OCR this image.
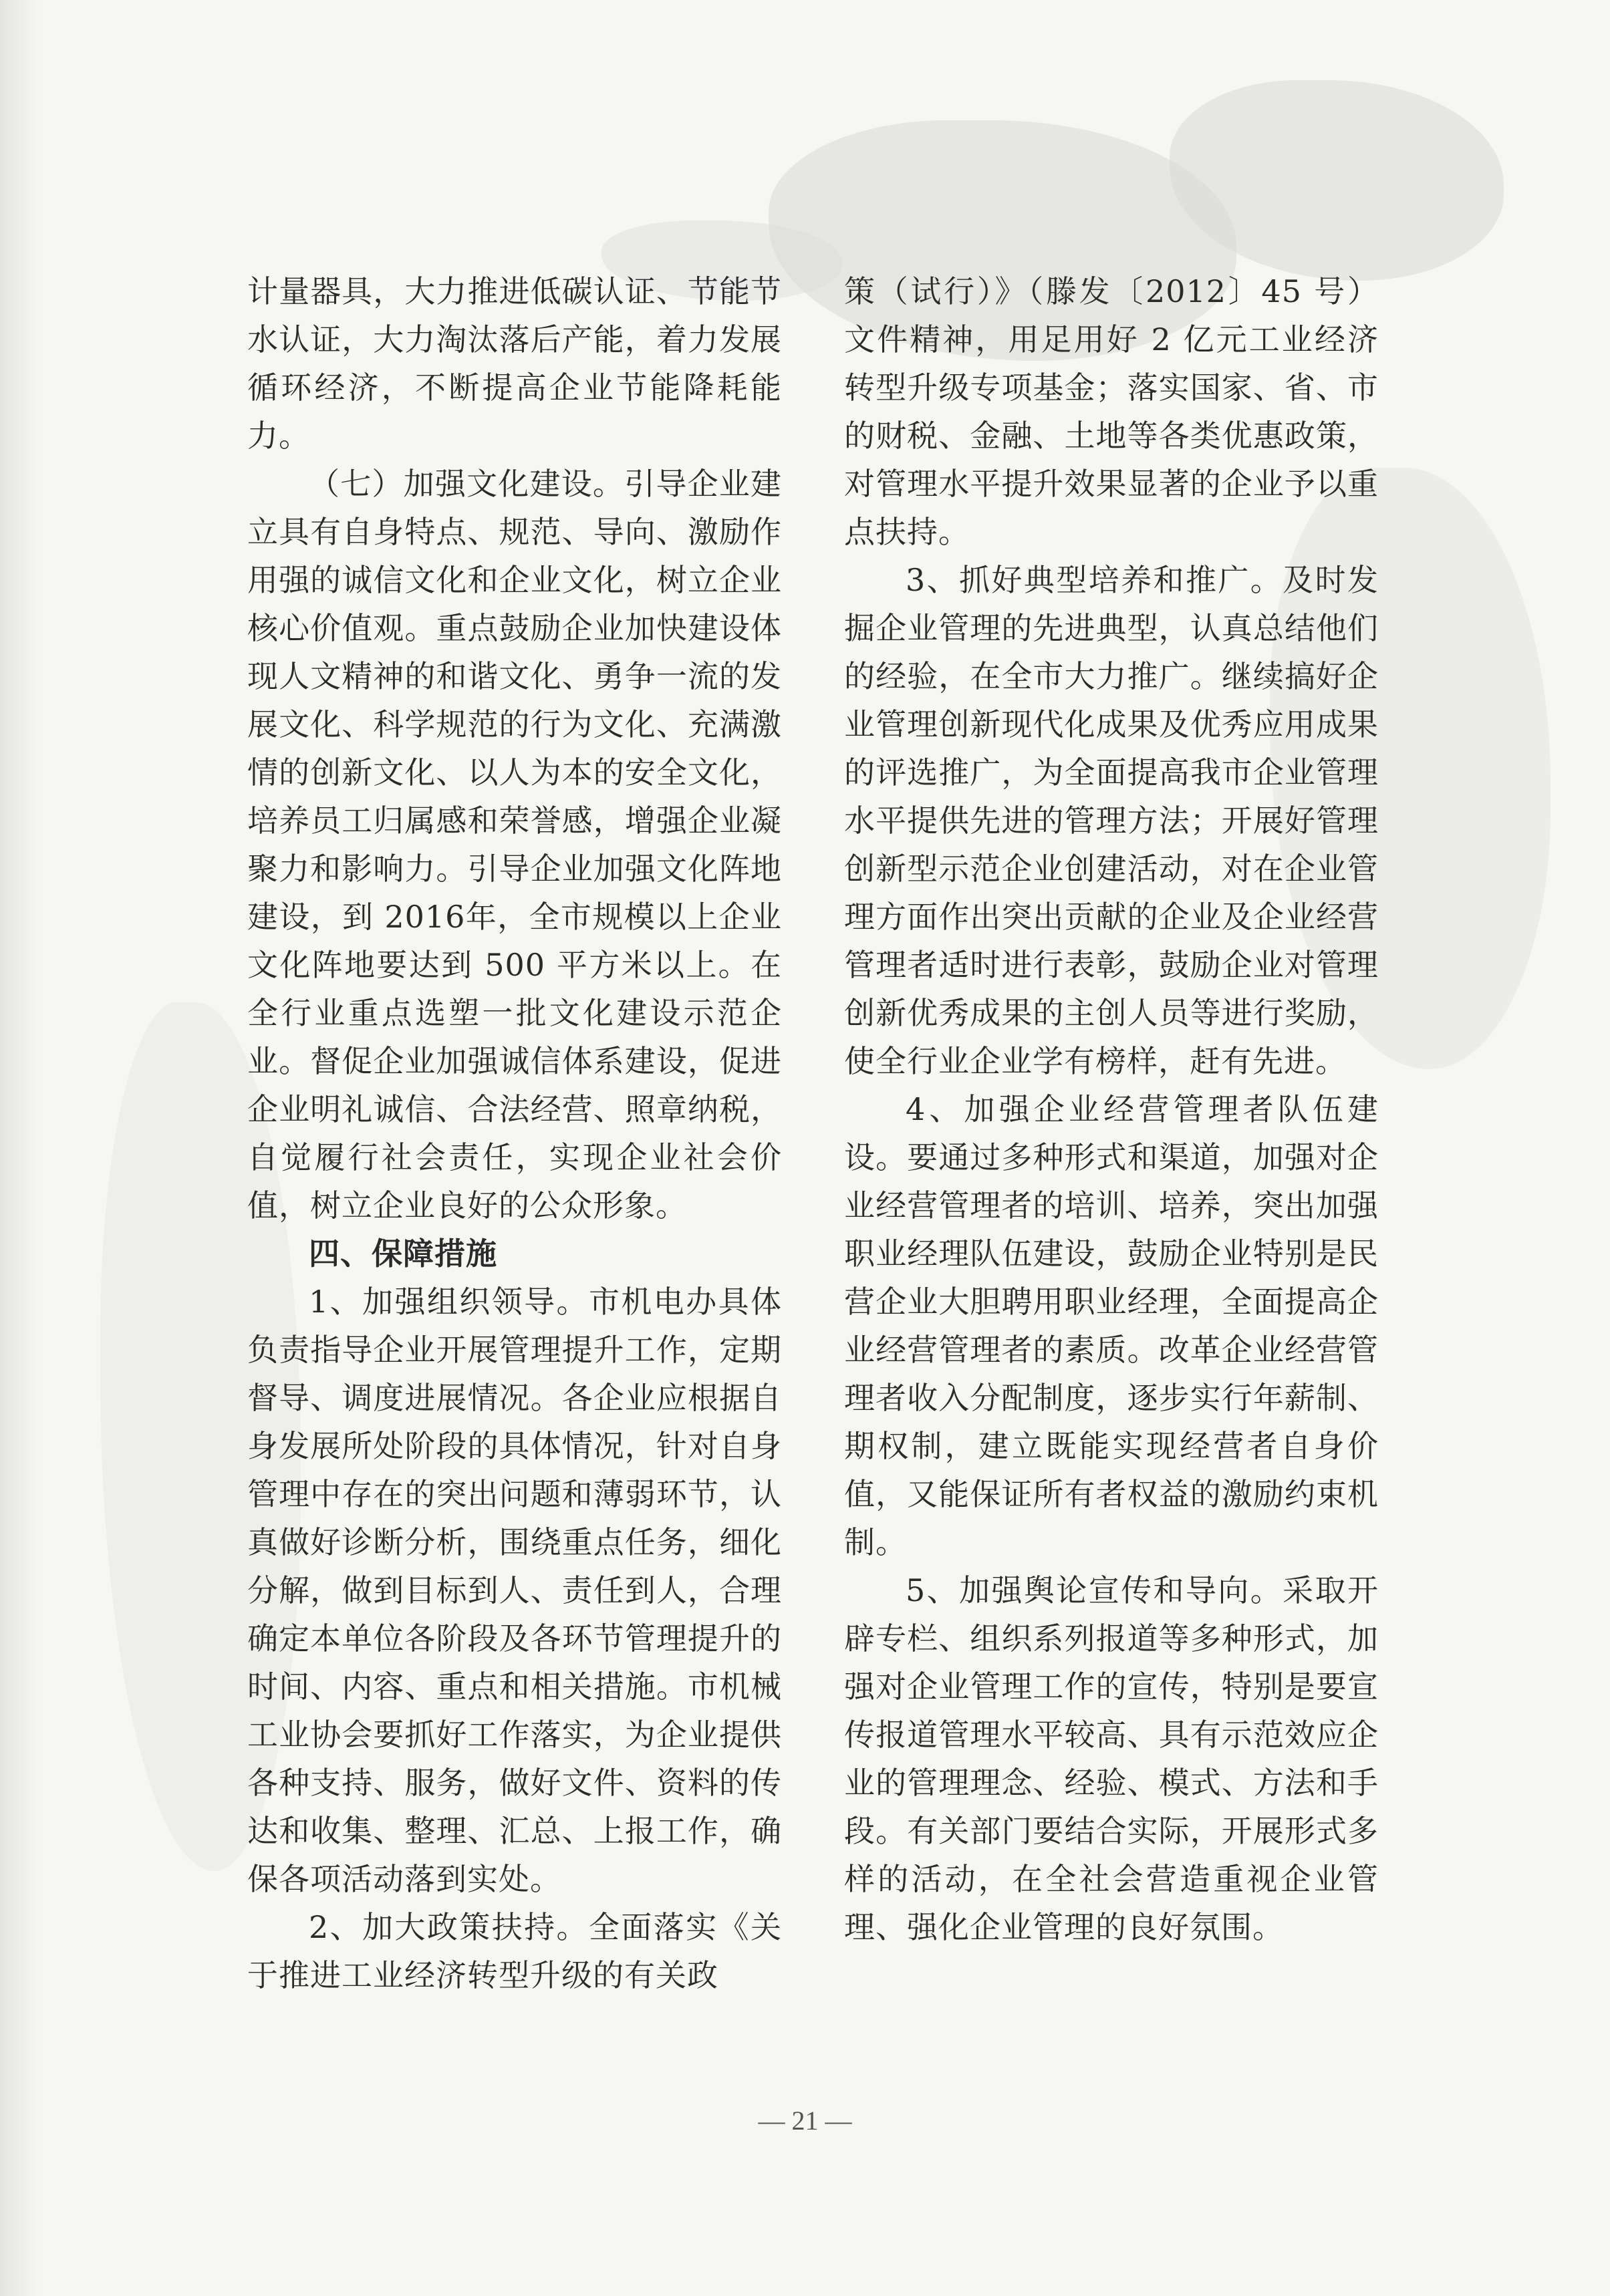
计量器具，大力推进低碳认证、节能节水认证，大力淘汰落后产能，着力发展循环经济，不断提高企业节能降耗能力。

（七）加强文化建设。引导企业建立具有自身特点、规范、导向、激励作用强的诚信文化和企业文化，树立企业核心价值观。重点鼓励企业加快建设体现人文精神的和谐文化、勇争一流的发展文化、科学规范的行为文化、充满激情的创新文化、以人为本的安全文化，培养员工归属感和荣誉感，增强企业凝聚力和影响力。引导企业加强文化阵地建设，到 2016年，全市规模以上企业文化阵地要达到 500 平方米以上。在全行业重点选塑一批文化建设示范企业。督促企业加强诚信体系建设，促进企业明礼诚信、合法经营、照章纳税，自觉履行社会责任，实现企业社会价值，树立企业良好的公众形象。

四、保障措施

1、加强组织领导。市机电办具体负责指导企业开展管理提升工作，定期督导、调度进展情况。各企业应根据自身发展所处阶段的具体情况，针对自身管理中存在的突出问题和薄弱环节，认真做好诊断分析，围绕重点任务，细化分解，做到目标到人、责任到人，合理确定本单位各阶段及各环节管理提升的时间、内容、重点和相关措施。市机械工业协会要抓好工作落实，为企业提供各种支持、服务，做好文件、资料的传达和收集、整理、汇总、上报工作，确保各项活动落到实处。

2、加大政策扶持。全面落实《关于推进工业经济转型升级的有关政

策（试行）》（滕发〔2012〕45 号）文件精神，用足用好 2 亿元工业经济转型升级专项基金；落实国家、省、市的财税、金融、土地等各类优惠政策，对管理水平提升效果显著的企业予以重点扶持。

3、抓好典型培养和推广。及时发掘企业管理的先进典型，认真总结他们的经验，在全市大力推广。继续搞好企业管理创新现代化成果及优秀应用成果的评选推广，为全面提高我市企业管理水平提供先进的管理方法；开展好管理创新型示范企业创建活动，对在企业管理方面作出突出贡献的企业及企业经营管理者适时进行表彰，鼓励企业对管理创新优秀成果的主创人员等进行奖励，使全行业企业学有榜样，赶有先进。

4、加强企业经营管理者队伍建设。要通过多种形式和渠道，加强对企业经营管理者的培训、培养，突出加强职业经理队伍建设，鼓励企业特别是民营企业大胆聘用职业经理，全面提高企业经营管理者的素质。改革企业经营管理者收入分配制度，逐步实行年薪制、期权制，建立既能实现经营者自身价值，又能保证所有者权益的激励约束机制。

5、加强舆论宣传和导向。采取开辟专栏、组织系列报道等多种形式，加强对企业管理工作的宣传，特别是要宣传报道管理水平较高、具有示范效应企业的管理理念、经验、模式、方法和手段。有关部门要结合实际，开展形式多样的活动，在全社会营造重视企业管理、强化企业管理的良好氛围。

— 21 —
